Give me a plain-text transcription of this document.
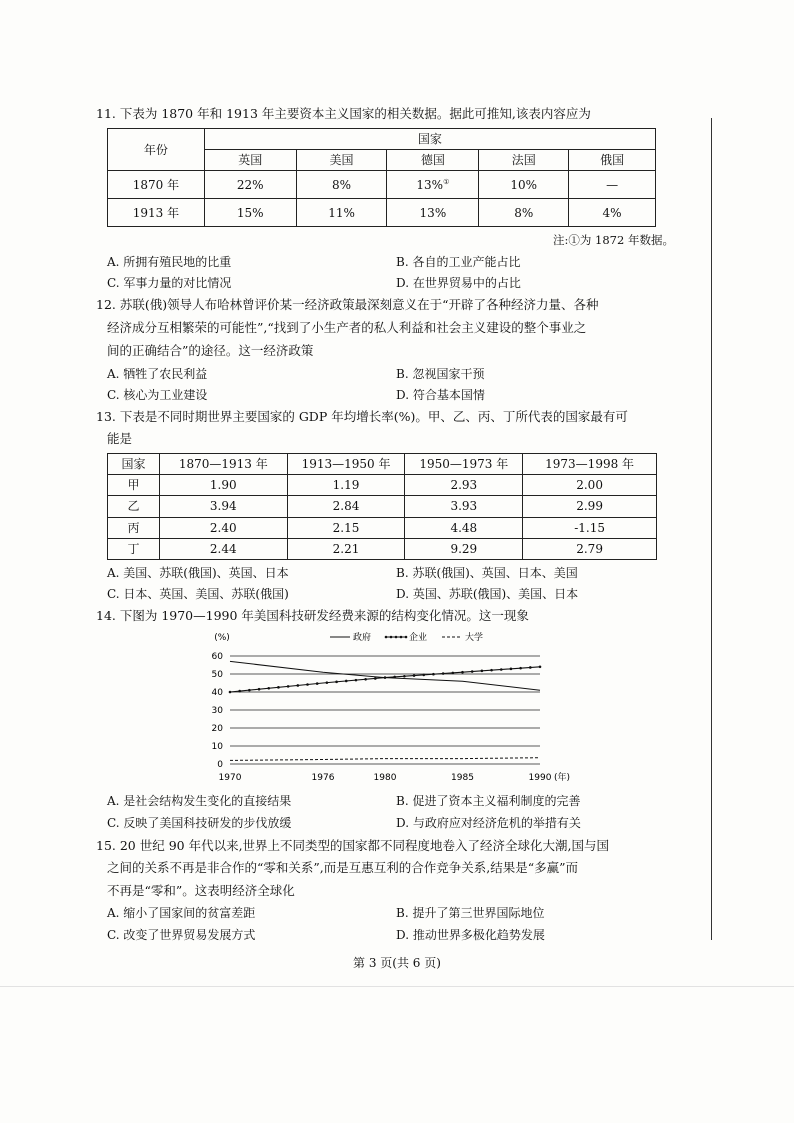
11. 下表为 1870 年和 1913 年主要资本主义国家的相关数据。据此可推知,该表内容应为
年份	国家				
	英国	美国	德国	法国	俄国
1870 年	22%	8%	13%①	10%	—
1913 年	15%	11%	13%	8%	4%
注:①为 1872 年数据。
A. 所拥有殖民地的比重	B. 各自的工业产能占比
C. 军事力量的对比情况	D. 在世界贸易中的占比
12. 苏联(俄)领导人布哈林曾评价某一经济政策最深刻意义在于“开辟了各种经济力量、各种
经济成分互相繁荣的可能性”,“找到了小生产者的私人利益和社会主义建设的整个事业之
间的正确结合”的途径。这一经济政策
A. 牺牲了农民利益	B. 忽视国家干预
C. 核心为工业建设	D. 符合基本国情
13. 下表是不同时期世界主要国家的 GDP 年均增长率(%)。甲、乙、丙、丁所代表的国家最有可
能是
国家	1870—1913 年	1913—1950 年	1950—1973 年	1973—1998 年
甲	1.90	1.19	2.93	2.00
乙	3.94	2.84	3.93	2.99
丙	2.40	2.15	4.48	-1.15
丁	2.44	2.21	9.29	2.79
A. 美国、苏联(俄国)、英国、日本	B. 苏联(俄国)、英国、日本、美国
C. 日本、英国、美国、苏联(俄国)	D. 英国、苏联(俄国)、美国、日本
14. 下图为 1970—1990 年美国科技研发经费来源的结构变化情况。这一现象
0
10
20
30
40
50
60
(%)
1970	1976	1980	1985	1990 (年)
政府	企业	大学
A. 是社会结构发生变化的直接结果	B. 促进了资本主义福利制度的完善
C. 反映了美国科技研发的步伐放缓	D. 与政府应对经济危机的举措有关
15. 20 世纪 90 年代以来,世界上不同类型的国家都不同程度地卷入了经济全球化大潮,国与国
之间的关系不再是非合作的“零和关系”,而是互惠互利的合作竞争关系,结果是“多赢”而
不再是“零和”。这表明经济全球化
A. 缩小了国家间的贫富差距	B. 提升了第三世界国际地位
C. 改变了世界贸易发展方式	D. 推动世界多极化趋势发展
第 3 页(共 6 页)
